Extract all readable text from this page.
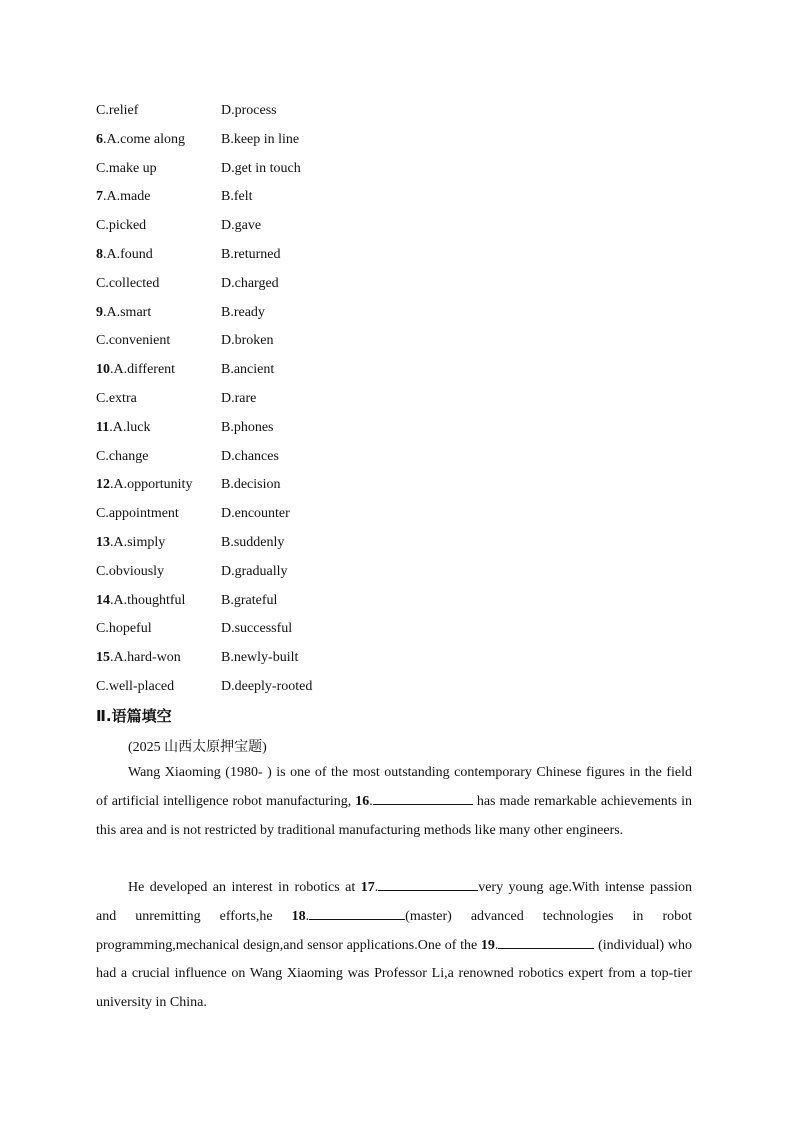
C.relief	D.process
6.A.come along	B.keep in line
C.make up	D.get in touch
7.A.made	B.felt
C.picked	D.gave
8.A.found	B.returned
C.collected	D.charged
9.A.smart	B.ready
C.convenient	D.broken
10.A.different	B.ancient
C.extra	D.rare
11.A.luck	B.phones
C.change	D.chances
12.A.opportunity B.decision
C.appointment	D.encounter
13.A.simply	B.suddenly
C.obviously	D.gradually
14.A.thoughtful	B.grateful
C.hopeful	D.successful
15.A.hard-won	B.newly-built
C.well-placed	D.deeply-rooted
Ⅱ.语篇填空
(2025 山西太原押宝题)
Wang Xiaoming (1980- ) is one of the most outstanding contemporary Chinese figures in the field of artificial intelligence robot manufacturing, 16.	has made remarkable achievements in this area and is not restricted by traditional manufacturing methods like many other engineers.
He developed an interest in robotics at 17.	very young age.With intense passion and unremitting efforts,he 18.	(master) advanced technologies in robot programming,mechanical design,and sensor applications.One of the 19.	(individual) who had a crucial influence on Wang Xiaoming was Professor Li,a renowned robotics expert from a top-tier university in China.
